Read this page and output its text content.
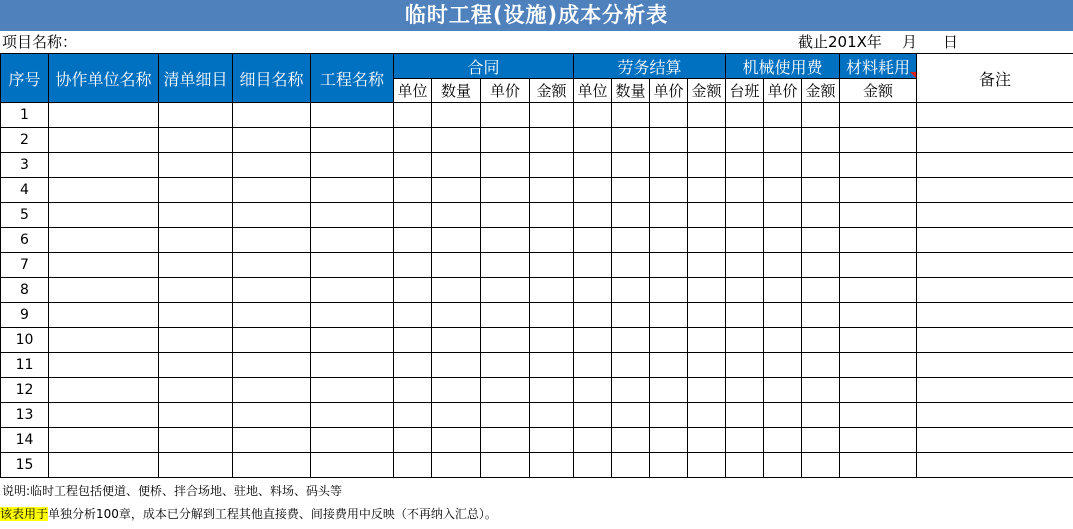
临时工程(设施)成本分析表
项目名称：	截止201X年 月 日
序号	协作单位名称	清单细目	细目名称	工程名称	合同				劳务结算				机械使用费			材料耗用	备注
					单位	数量	单价	金额	单位	数量	单价	金额	台班	单价	金额	金额	
1																	
2																	
3																	
4																	
5																	
6																	
7																	
8																	
9																	
10																	
11																	
12																	
13																	
14																	
15																	
说明:临时工程包括便道、便桥、拌合场地、驻地、料场、码头等
该表用于单独分析100章，成本已分解到工程其他直接费、间接费用中反映（不再纳入汇总）。
